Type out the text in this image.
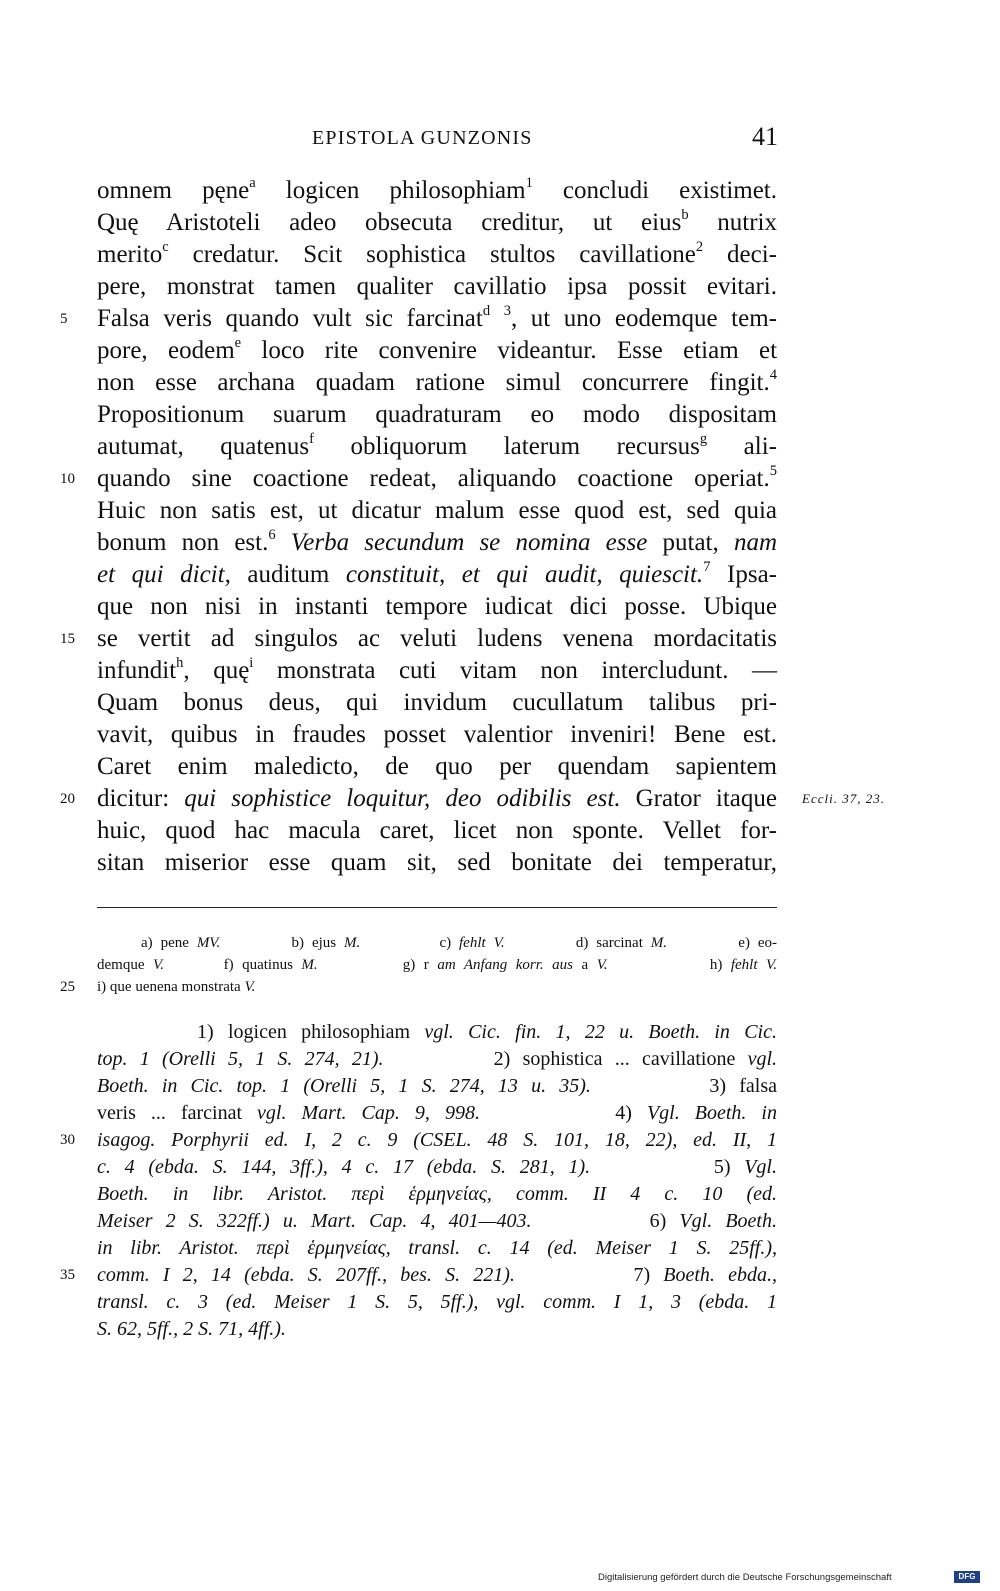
EPISTOLA GUNZONIS	41
omnem pęne$^a$ logicen philosophiam$^1$ concludi existimet.
Quę Aristoteli adeo obsecuta creditur, ut eius$^b$ nutrix
merito$^c$ credatur. Scit sophistica stultos cavillatione$^2$ deci-
pere, monstrat tamen qualiter cavillatio ipsa possit evitari.
Falsa veris quando vult sic farcinat$^d$ $^3$, ut uno eodemque tem-
pore, eodem$^e$ loco rite convenire videantur. Esse etiam et
non esse archana quadam ratione simul concurrere fingit.$^4$
Propositionum suarum quadraturam eo modo dispositam
autumat, quatenus$^f$ obliquorum laterum recursus$^g$ ali-
quando sine coactione redeat, aliquando coactione operiat.$^5$
Huic non satis est, ut dicatur malum esse quod est, sed quia
bonum non est.$^6$ Verba secundum se nomina esse putat, nam
et qui dicit, auditum constituit, et qui audit, quiescit.$^7$ Ipsa-
que non nisi in instanti tempore iudicat dici posse. Ubique
se vertit ad singulos ac veluti ludens venena mordacitatis
infundit$^h$, quę$^i$ monstrata cuti vitam non intercludunt. —
Quam bonus deus, qui invidum cucullatum talibus pri-
vavit, quibus in fraudes posset valentior inveniri! Bene est.
Caret enim maledicto, de quo per quendam sapientem
dicitur: qui sophistice loquitur, deo odibilis est. Grator itaque
huic, quod hac macula caret, licet non sponte. Vellet for-
sitan miserior esse quam sit, sed bonitate dei temperatur,
5
10
15
20	Eccli. 37, 23.
a) pene MV.         b) ejus M.          c) fehlt V.         d) sarcinat M.         e) eo-
demque V.       f) quatinus M.          g) r am Anfang korr. aus a V.            h) fehlt V.
i) que uenena monstrata V.
25
1) logicen philosophiam vgl. Cic. fin. 1, 22 u. Boeth. in Cic.
top. 1 (Orelli 5, 1 S. 274, 21).         2) sophistica ... cavillatione vgl.
Boeth. in Cic. top. 1 (Orelli 5, 1 S. 274, 13 u. 35).         3) falsa
veris ... farcinat vgl. Mart. Cap. 9, 998.         4) Vgl. Boeth. in
isagog. Porphyrii ed. I, 2 c. 9 (CSEL. 48 S. 101, 18, 22), ed. II, 1
c. 4 (ebda. S. 144, 3ff.), 4 c. 17 (ebda. S. 281, 1).         5) Vgl.
Boeth. in libr. Aristot. περὶ ἑρμηνείας, comm. II 4 c. 10 (ed.
Meiser 2 S. 322ff.) u. Mart. Cap. 4, 401—403.         6) Vgl. Boeth.
in libr. Aristot. περὶ ἑρμηνείας, transl. c. 14 (ed. Meiser 1 S. 25ff.),
comm. I 2, 14 (ebda. S. 207ff., bes. S. 221).         7) Boeth. ebda.,
transl. c. 3 (ed. Meiser 1 S. 5, 5ff.), vgl. comm. I 1, 3 (ebda. 1
S. 62, 5ff., 2 S. 71, 4ff.).
30
35
Digitalisierung gefördert durch die Deutsche Forschungsgemeinschaft	DFG
